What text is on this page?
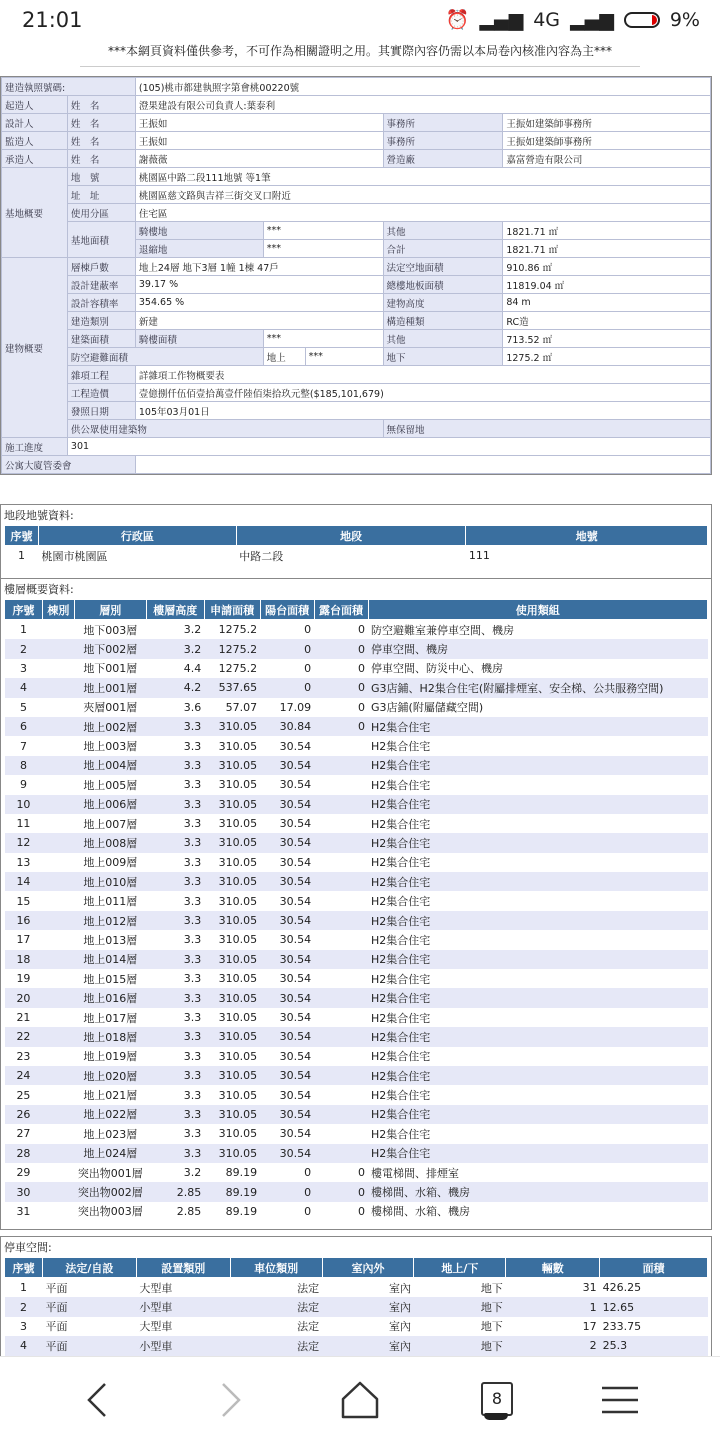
21:01	⏰ ▂▄▆ 4G ▂▄▆	9%
***本網頁資料僅供參考，不可作為相關證明之用。其實際內容仍需以本局卷內核准內容為主***
建造執照號碼:		(105)桃市都建執照字第會桃00220號				
起造人	姓　名	澄果建設有限公司負責人:葉泰利				
設計人	姓　名	王振如			事務所	王振如建築師事務所
監造人	姓　名	王振如			事務所	王振如建築師事務所
承造人	姓　名	謝薇薇			營造廠	嘉富營造有限公司
基地概要	地　號	桃園區中路二段111地號 等1筆				
	址　址	桃園區慈文路與吉祥三街交叉口附近				
	使用分區	住宅區				
	基地面積	騎樓地	***		其他	1821.71 ㎡
		退縮地	***		合計	1821.71 ㎡
建物概要	層棟戶數	地上24層 地下3層 1幢 1棟 47戶			法定空地面積	910.86 ㎡
	設計建蔽率	39.17 %			總樓地板面積	11819.04 ㎡
	設計容積率	354.65 %			建物高度	84 m
	建造類別	新建			構造種類	RC造
	建築面積	騎樓面積	***		其他	713.52 ㎡
	防空避難面積		地上	***	地下	1275.2 ㎡
	雜項工程	詳雜項工作物概要表				
	工程造價	壹億捌仟伍佰壹拾萬壹仟陸佰柒拾玖元整($185,101,679)				
	發照日期	105年03月01日				
	供公眾使用建築物				無保留地	
施工進度	301					
公寓大廈管委會						
地段地號資料:
序號	行政區	地段	地號
1	桃園市桃園區	中路二段	111
樓層概要資料:
序號	棟別	層別	樓層高度	申請面積	陽台面積	露台面積	使用類組
1		地下003層	3.2	1275.2	0	0	防空避難室兼停車空間、機房
2		地下002層	3.2	1275.2	0	0	停車空間、機房
3		地下001層	4.4	1275.2	0	0	停車空間、防災中心、機房
4		地上001層	4.2	537.65	0	0	G3店鋪、H2集合住宅(附屬排煙室、安全梯、公共服務空間)
5		夾層001層	3.6	57.07	17.09	0	G3店鋪(附屬儲藏空間)
6		地上002層	3.3	310.05	30.84	0	H2集合住宅
7		地上003層	3.3	310.05	30.54		H2集合住宅
8		地上004層	3.3	310.05	30.54		H2集合住宅
9		地上005層	3.3	310.05	30.54		H2集合住宅
10		地上006層	3.3	310.05	30.54		H2集合住宅
11		地上007層	3.3	310.05	30.54		H2集合住宅
12		地上008層	3.3	310.05	30.54		H2集合住宅
13		地上009層	3.3	310.05	30.54		H2集合住宅
14		地上010層	3.3	310.05	30.54		H2集合住宅
15		地上011層	3.3	310.05	30.54		H2集合住宅
16		地上012層	3.3	310.05	30.54		H2集合住宅
17		地上013層	3.3	310.05	30.54		H2集合住宅
18		地上014層	3.3	310.05	30.54		H2集合住宅
19		地上015層	3.3	310.05	30.54		H2集合住宅
20		地上016層	3.3	310.05	30.54		H2集合住宅
21		地上017層	3.3	310.05	30.54		H2集合住宅
22		地上018層	3.3	310.05	30.54		H2集合住宅
23		地上019層	3.3	310.05	30.54		H2集合住宅
24		地上020層	3.3	310.05	30.54		H2集合住宅
25		地上021層	3.3	310.05	30.54		H2集合住宅
26		地上022層	3.3	310.05	30.54		H2集合住宅
27		地上023層	3.3	310.05	30.54		H2集合住宅
28		地上024層	3.3	310.05	30.54		H2集合住宅
29		突出物001層	3.2	89.19	0	0	樓電梯間、排煙室
30		突出物002層	2.85	89.19	0	0	樓梯間、水箱、機房
31		突出物003層	2.85	89.19	0	0	樓梯間、水箱、機房
停車空間:
序號	法定/自設	設置類別	車位類別	室內外	地上/下	輛數	面積
1	平面	大型車	法定	室內	地下	31	426.25
2	平面	小型車	法定	室內	地下	1	12.65
3	平面	大型車	法定	室內	地下	17	233.75
4	平面	小型車	法定	室內	地下	2	25.3
8
